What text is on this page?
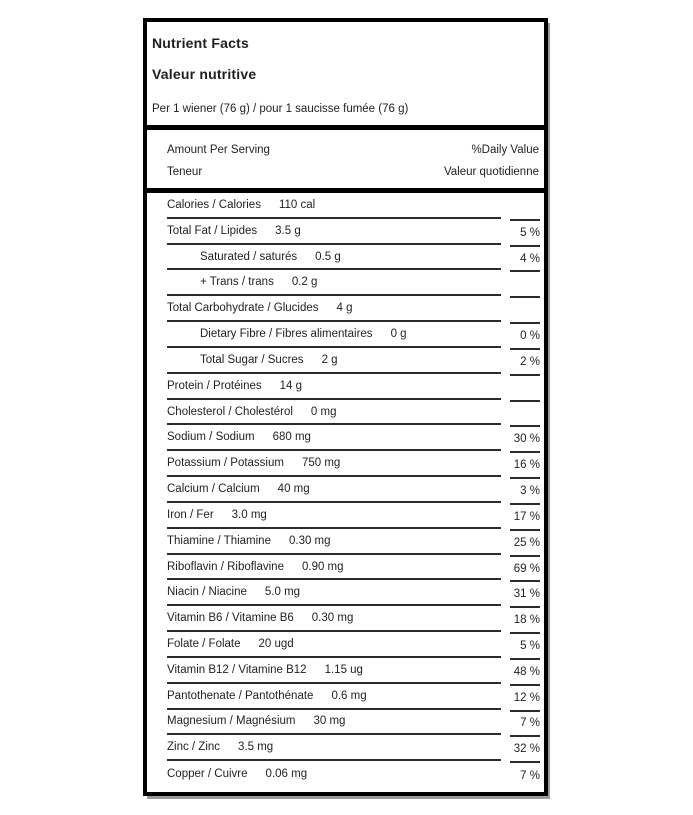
Nutrient Facts
Valeur nutritive
Per 1 wiener (76 g) / pour 1 saucisse fumée (76 g)
Amount Per Serving	%Daily Value
Teneur	Valeur quotidienne
Calories / Calories 110 cal
Total Fat / Lipides 3.5 g	5 %
Saturated / saturés 0.5 g	4 %
+ Trans / trans 0.2 g
Total Carbohydrate / Glucides 4 g
Dietary Fibre / Fibres alimentaires 0 g	0 %
Total Sugar / Sucres 2 g	2 %
Protein / Protéines 14 g
Cholesterol / Cholestérol 0 mg
Sodium / Sodium 680 mg	30 %
Potassium / Potassium 750 mg	16 %
Calcium / Calcium 40 mg	3 %
Iron / Fer 3.0 mg	17 %
Thiamine / Thiamine 0.30 mg	25 %
Riboflavin / Riboflavine 0.90 mg	69 %
Niacin / Niacine 5.0 mg	31 %
Vitamin B6 / Vitamine B6 0.30 mg	18 %
Folate / Folate 20 ugd	5 %
Vitamin B12 / Vitamine B12 1.15 ug	48 %
Pantothenate / Pantothénate 0.6 mg	12 %
Magnesium / Magnésium 30 mg	7 %
Zinc / Zinc 3.5 mg	32 %
Copper / Cuivre 0.06 mg	7 %
